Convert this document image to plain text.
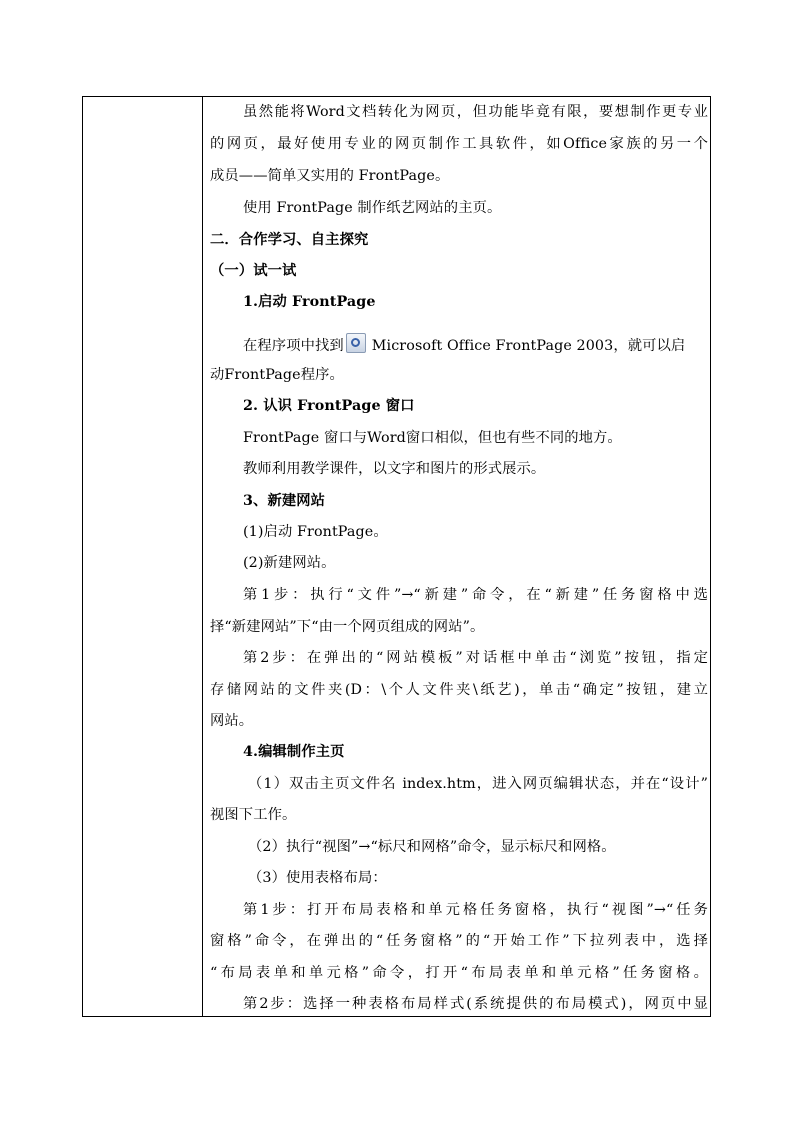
虽然能将Word文档转化为网页，但功能毕竟有限，要想制作更专业
的网页，最好使用专业的网页制作工具软件，如Office家族的另一个
成员——简单又实用的 FrontPage。
使用 FrontPage 制作纸艺网站的主页。
二．合作学习、自主探究
（一）试一试
1.启动 FrontPage
在程序项中找到 Microsoft Office FrontPage 2003，就可以启
动FrontPage程序。
2. 认识 FrontPage 窗口
FrontPage 窗口与Word窗口相似，但也有些不同的地方。
教师利用教学课件，以文字和图片的形式展示。
3、新建网站
(1)启动 FrontPage。
(2)新建网站。
第1步：执行“文件”→“新建”命令，在“新建”任务窗格中选
择“新建网站”下“由一个网页组成的网站”。
第2步：在弹出的“网站模板”对话框中单击“浏览”按钮，指定
存储网站的文件夹(D：\个人文件夹\纸艺)，单击“确定”按钮，建立
网站。
4.编辑制作主页
（1）双击主页文件名 index.htm，进入网页编辑状态，并在“设计”
视图下工作。
（2）执行“视图”→“标尺和网格”命令，显示标尺和网格。
（3）使用表格布局：
第1步：打开布局表格和单元格任务窗格，执行“视图”→“任务
窗格”命令，在弹出的“任务窗格”的“开始工作”下拉列表中，选择
“布局表单和单元格”命令，打开“布局表单和单元格”任务窗格。
第2步：选择一种表格布局样式(系统提供的布局模式)，网页中显
